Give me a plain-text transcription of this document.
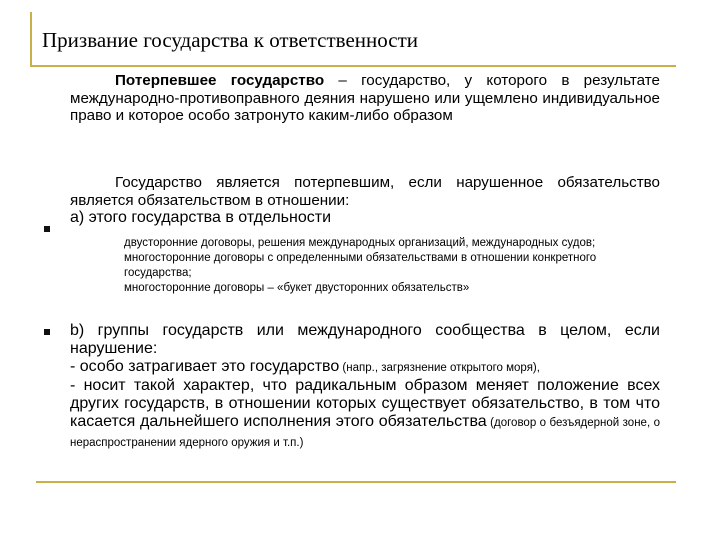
Призвание государства к ответственности
Потерпевшее государство – государство, у которого в результате международно-противоправного деяния нарушено или ущемлено индивидуальное право и которое особо затронуто каким-либо образом
Государство является потерпевшим, если нарушенное обязательство является обязательством в отношении:
а) этого государства в отдельности
двусторонние договоры, решения международных организаций, международных судов;
многосторонние договоры с определенными обязательствами в отношении конкретного государства;
многосторонние договоры – «букет двусторонних обязательств»
b) группы государств или международного сообщества в целом, если нарушение:
- особо затрагивает это государство (напр., загрязнение открытого моря),
- носит такой характер, что радикальным образом меняет положение всех других государств, в отношении которых существует обязательство, в том что касается дальнейшего исполнения этого обязательства (договор о безъядерной зоне, о нераспространении ядерного оружия и т.п.)
